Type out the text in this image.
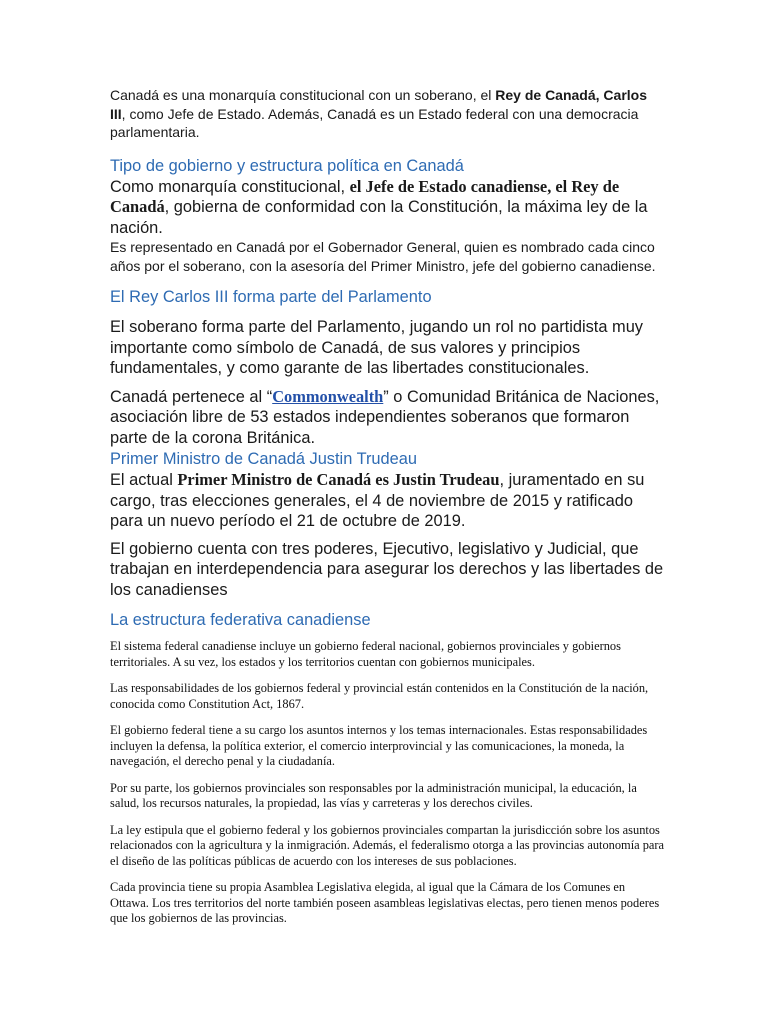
Canadá es una monarquía constitucional con un soberano, el Rey de Canadá, Carlos III, como Jefe de Estado. Además, Canadá es un Estado federal con una democracia parlamentaria.

Tipo de gobierno y estructura política en Canadá

Como monarquía constitucional, el Jefe de Estado canadiense, el Rey de Canadá, gobierna de conformidad con la Constitución, la máxima ley de la nación.

Es representado en Canadá por el Gobernador General, quien es nombrado cada cinco años por el soberano, con la asesoría del Primer Ministro, jefe del gobierno canadiense.

El Rey Carlos III forma parte del Parlamento

El soberano forma parte del Parlamento, jugando un rol no partidista muy importante como símbolo de Canadá, de sus valores y principios fundamentales, y como garante de las libertades constitucionales.

Canadá pertenece al “Commonwealth” o Comunidad Británica de Naciones, asociación libre de 53 estados independientes soberanos que formaron parte de la corona Británica.

Primer Ministro de Canadá Justin Trudeau

El actual Primer Ministro de Canadá es Justin Trudeau, juramentado en su cargo, tras elecciones generales, el 4 de noviembre de 2015 y ratificado para un nuevo período el 21 de octubre de 2019.

El gobierno cuenta con tres poderes, Ejecutivo, legislativo y Judicial, que trabajan en interdependencia para asegurar los derechos y las libertades de los canadienses

La estructura federativa canadiense

El sistema federal canadiense incluye un gobierno federal nacional, gobiernos provinciales y gobiernos territoriales. A su vez, los estados y los territorios cuentan con gobiernos municipales.

Las responsabilidades de los gobiernos federal y provincial están contenidos en la Constitución de la nación, conocida como Constitution Act, 1867.

El gobierno federal tiene a su cargo los asuntos internos y los temas internacionales. Estas responsabilidades incluyen la defensa, la política exterior, el comercio interprovincial y las comunicaciones, la moneda, la navegación, el derecho penal y la ciudadanía.

Por su parte, los gobiernos provinciales son responsables por la administración municipal, la educación, la salud, los recursos naturales, la propiedad, las vías y carreteras y los derechos civiles.

La ley estipula que el gobierno federal y los gobiernos provinciales compartan la jurisdicción sobre los asuntos relacionados con la agricultura y la inmigración. Además, el federalismo otorga a las provincias autonomía para el diseño de las políticas públicas de acuerdo con los intereses de sus poblaciones.

Cada provincia tiene su propia Asamblea Legislativa elegida, al igual que la Cámara de los Comunes en Ottawa. Los tres territorios del norte también poseen asambleas legislativas electas, pero tienen menos poderes que los gobiernos de las provincias.
